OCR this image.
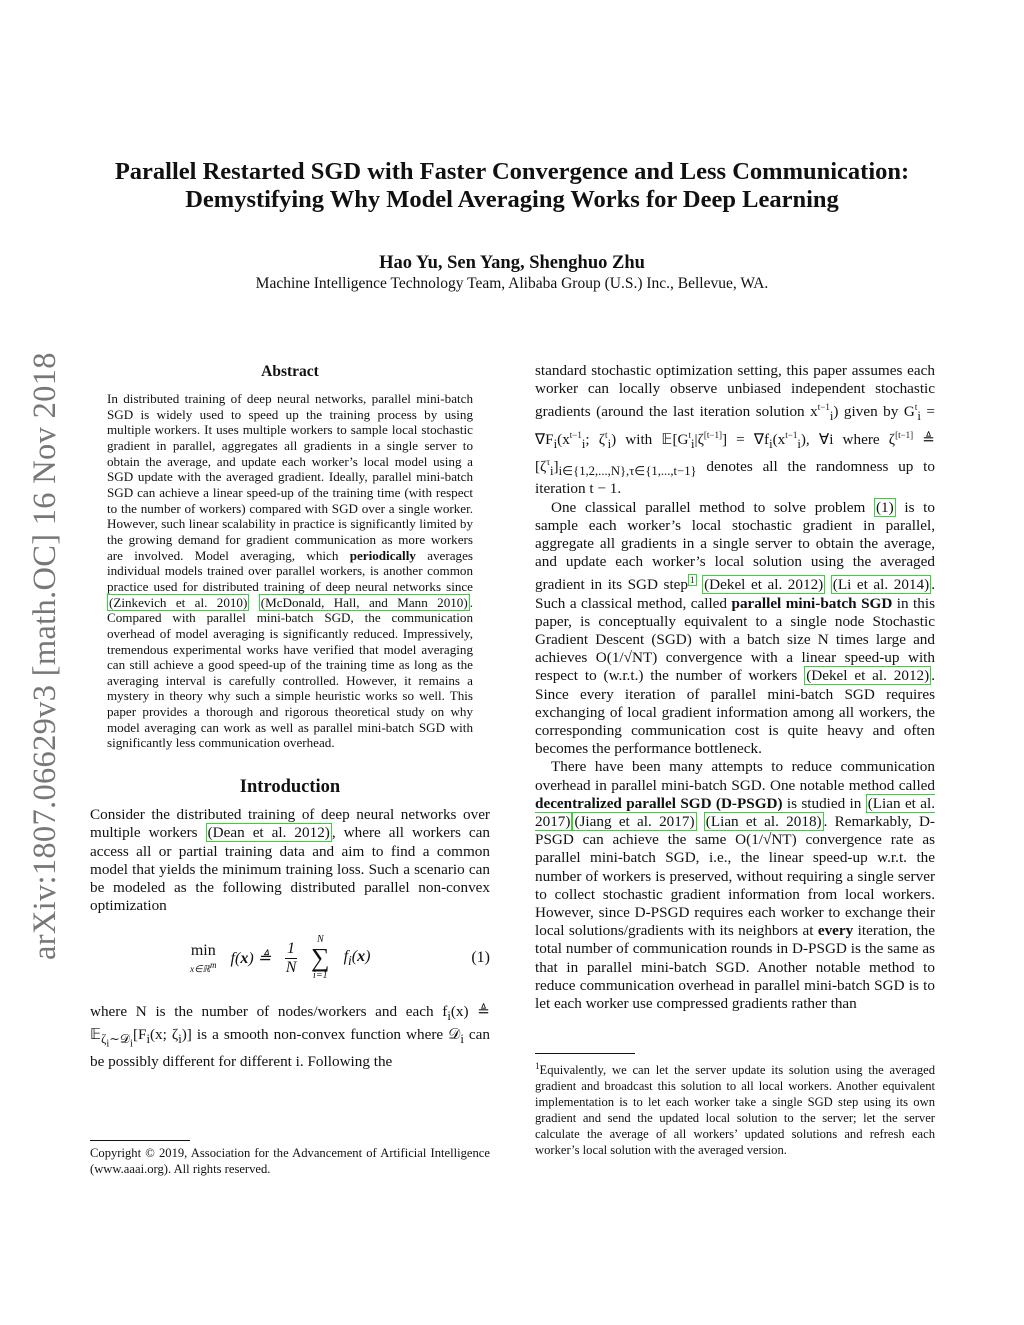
Parallel Restarted SGD with Faster Convergence and Less Communication:
Demystifying Why Model Averaging Works for Deep Learning
Hao Yu, Sen Yang, Shenghuo Zhu
Machine Intelligence Technology Team, Alibaba Group (U.S.) Inc., Bellevue, WA.
arXiv:1807.06629v3 [math.OC] 16 Nov 2018	Abstract

In distributed training of deep neural networks, parallel mini-batch SGD is widely used to speed up the training process by using multiple workers. It uses multiple workers to sample local stochastic gradient in parallel, aggregates all gradients in a single server to obtain the average, and update each worker’s local model using a SGD update with the averaged gradient. Ideally, parallel mini-batch SGD can achieve a linear speed-up of the training time (with respect to the number of workers) compared with SGD over a single worker. However, such linear scalability in practice is significantly limited by the growing demand for gradient communication as more workers are involved. Model averaging, which periodically averages individual models trained over parallel workers, is another common practice used for distributed training of deep neural networks since (Zinkevich et al. 2010) (McDonald, Hall, and Mann 2010) . Compared with parallel mini-batch SGD, the communication overhead of model averaging is significantly reduced. Impressively, tremendous experimental works have verified that model averaging can still achieve a good speed-up of the training time as long as the averaging interval is carefully controlled. However, it remains a mystery in theory why such a simple heuristic works so well. This paper provides a thorough and rigorous theoretical study on why model averaging can work as well as parallel mini-batch SGD with significantly less communication overhead.

Introduction

Consider the distributed training of deep neural networks over multiple workers (Dean et al. 2012) , where all workers can access all or partial training data and aim to find a common model that yields the minimum training loss. Such a scenario can be modeled as the following distributed parallel non-convex optimization

min
x∈ℝ$^m$ f(x) ≜ $\frac{1}{N}$ N
∑
i=1
$f_i(x)$	(1)

where N is the number of nodes/workers and each $f_i(x)$ ≜ $𝔼_{\zeta_i\sim 𝒟_i}[F_i(x$; $\zeta_i$)] is a smooth non-convex function where 𝒟$_i$ can be possibly different for different i. Following the

Copyright © 2019, Association for the Advancement of Artificial Intelligence (www.aaai.org). All rights reserved.

standard stochastic optimization setting, this paper assumes each worker can locally observe unbiased independent stochastic gradients (around the last iteration solution $x^{t-1}_i$) given by $G^t_i = \nabla F_i(x^{t-1}_i$; $\zeta^t_i$) with $𝔼[G^t_i|\zeta[t-1]] = \nabla f_i(x^{t-1}_i)$, ∀i where ζ[t−1] ≜ $[\zeta^\tau_i]_{i\in\{1,2,...,N\},\tau\in\{1,...,t-1\}}$ denotes all the randomness up to iteration t − 1.

One classical parallel method to solve problem (1) is to sample each worker’s local stochastic gradient in parallel, aggregate all gradients in a single server to obtain the average, and update each worker’s local solution using the averaged gradient in its SGD step $^1$ (Dekel et al. 2012) (Li et al. 2014) . Such a classical method, called parallel mini-batch SGD in this paper, is conceptually equivalent to a single node Stochastic Gradient Descent (SGD) with a batch size N times large and achieves O(1/√NT) convergence with a linear speed-up with respect to (w.r.t.) the number of workers (Dekel et al. 2012) . Since every iteration of parallel mini-batch SGD requires exchanging of local gradient information among all workers, the corresponding communication cost is quite heavy and often becomes the performance bottleneck.

There have been many attempts to reduce communication overhead in parallel mini-batch SGD. One notable method called decentralized parallel SGD (D-PSGD) is studied in (Lian et al. 2017) (Jiang et al. 2017) (Lian et al. 2018) . Remarkably, D-PSGD can achieve the same O(1/√NT) convergence rate as parallel mini-batch SGD, i.e., the linear speed-up w.r.t. the number of workers is preserved, without requiring a single server to collect stochastic gradient information from local workers. However, since D-PSGD requires each worker to exchange their local solutions/gradients with its neighbors at every iteration, the total number of communication rounds in D-PSGD is the same as that in parallel mini-batch SGD. Another notable method to reduce communication overhead in parallel mini-batch SGD is to let each worker use compressed gradients rather than

$^1$Equivalently, we can let the server update its solution using the averaged gradient and broadcast this solution to all local workers. Another equivalent implementation is to let each worker take a single SGD step using its own gradient and send the updated local solution to the server; let the server calculate the average of all workers’ updated solutions and refresh each worker’s local solution with the averaged version.
